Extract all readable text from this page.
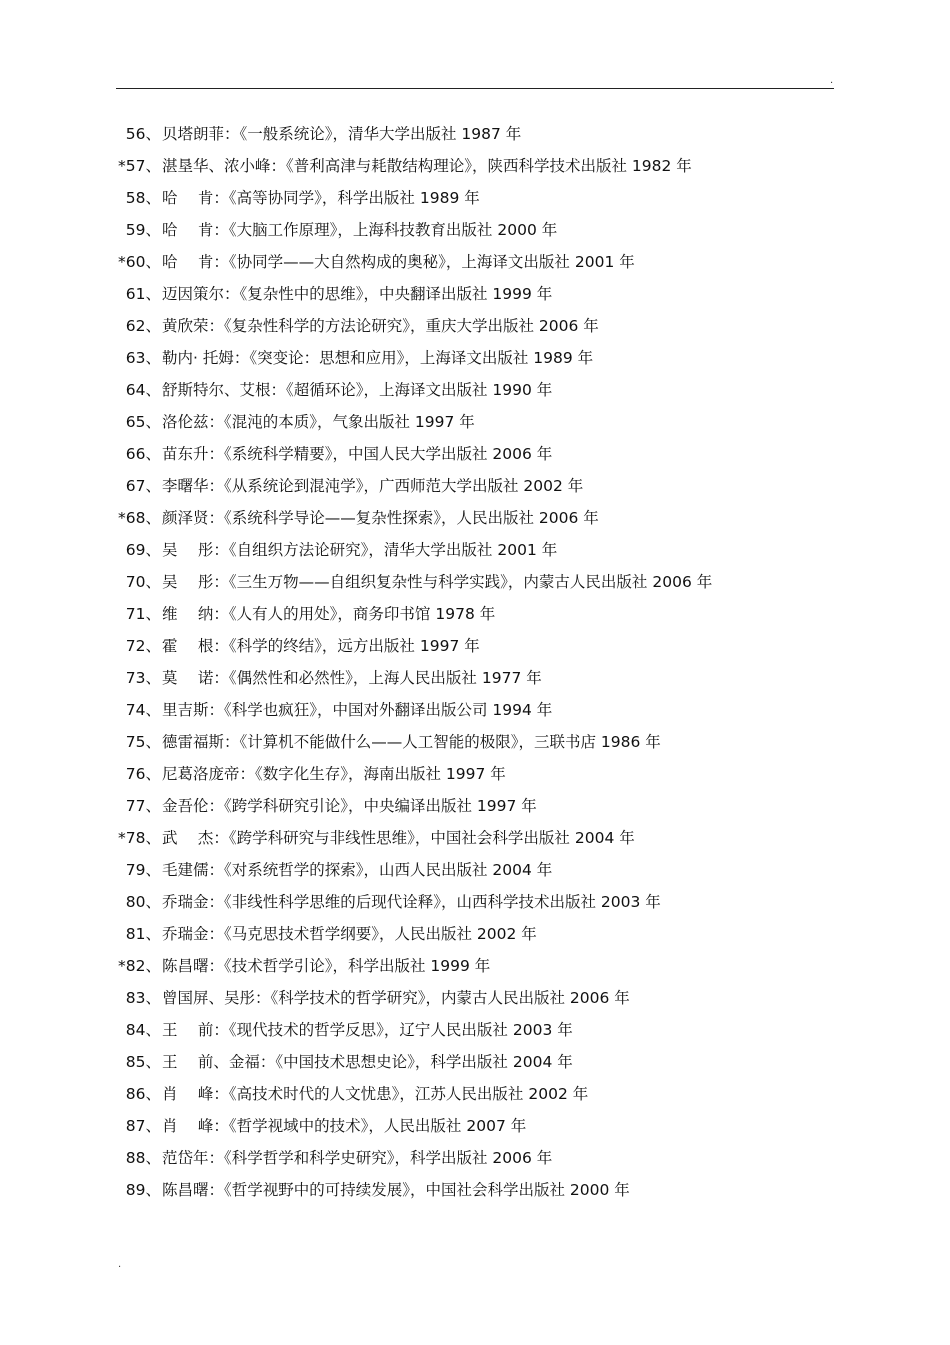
.
56、 贝塔朗菲：《一般系统论》，清华大学出版社 1987 年
*57、 湛垦华、浓小峰：《普利高津与耗散结构理论》，陕西科学技术出版社 1982 年
58、 哈　 肯：《高等协同学》，科学出版社 1989 年
59、 哈　 肯：《大脑工作原理》，上海科技教育出版社 2000 年
*60、 哈　 肯：《协同学——大自然构成的奥秘》，上海译文出版社 2001 年
61、 迈因策尔：《复杂性中的思维》，中央翻译出版社 1999 年
62、 黄欣荣：《复杂性科学的方法论研究》，重庆大学出版社 2006 年
63、 勒内· 托姆：《突变论：思想和应用》，上海译文出版社 1989 年
64、 舒斯特尔、艾根：《超循环论》，上海译文出版社 1990 年
65、 洛伦兹：《混沌的本质》，气象出版社 1997 年
66、 苗东升：《系统科学精要》，中国人民大学出版社 2006 年
67、 李曙华：《从系统论到混沌学》，广西师范大学出版社 2002 年
*68、 颜泽贤：《系统科学导论——复杂性探索》，人民出版社 2006 年
69、 吴　 彤：《自组织方法论研究》，清华大学出版社 2001 年
70、 吴　 彤：《三生万物——自组织复杂性与科学实践》，内蒙古人民出版社 2006 年
71、 维　 纳：《人有人的用处》，商务印书馆 1978 年
72、 霍　 根：《科学的终结》，远方出版社 1997 年
73、 莫　 诺：《偶然性和必然性》，上海人民出版社 1977 年
74、 里吉斯：《科学也疯狂》，中国对外翻译出版公司 1994 年
75、 德雷福斯：《计算机不能做什么——人工智能的极限》，三联书店 1986 年
76、 尼葛洛庞帝：《数字化生存》，海南出版社 1997 年
77、 金吾伦：《跨学科研究引论》，中央编译出版社 1997 年
*78、 武　 杰：《跨学科研究与非线性思维》，中国社会科学出版社 2004 年
79、 毛建儒：《对系统哲学的探索》，山西人民出版社 2004 年
80、 乔瑞金：《非线性科学思维的后现代诠释》，山西科学技术出版社 2003 年
81、 乔瑞金：《马克思技术哲学纲要》，人民出版社 2002 年
*82、 陈昌曙：《技术哲学引论》，科学出版社 1999 年
83、 曾国屏、吴彤：《科学技术的哲学研究》，内蒙古人民出版社 2006 年
84、 王　 前：《现代技术的哲学反思》，辽宁人民出版社 2003 年
85、 王　 前、金福：《中国技术思想史论》，科学出版社 2004 年
86、 肖　 峰：《高技术时代的人文忧患》，江苏人民出版社 2002 年
87、 肖　 峰：《哲学视域中的技术》，人民出版社 2007 年
88、 范岱年：《科学哲学和科学史研究》，科学出版社 2006 年
89、 陈昌曙：《哲学视野中的可持续发展》，中国社会科学出版社 2000 年
.
